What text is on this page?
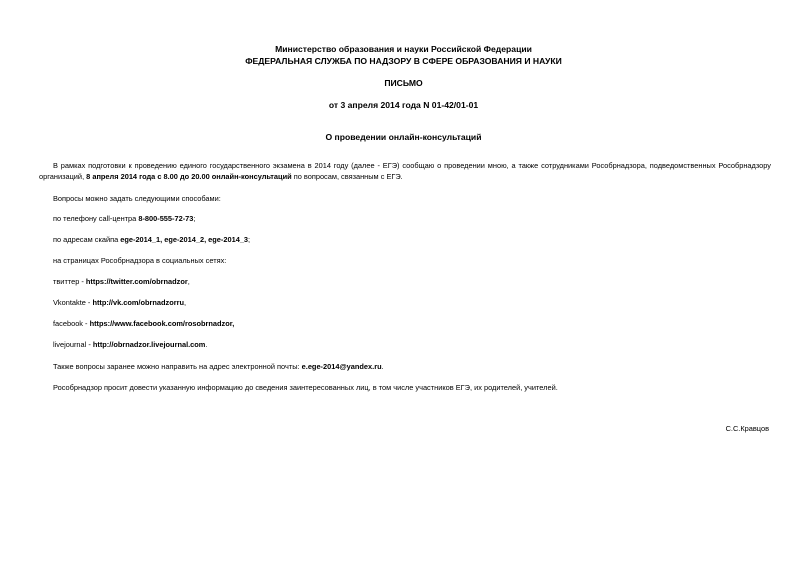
Министерство образования и науки Российской Федерации
ФЕДЕРАЛЬНАЯ СЛУЖБА ПО НАДЗОРУ В СФЕРЕ ОБРАЗОВАНИЯ И НАУКИ
ПИСЬМО
от 3 апреля 2014 года N 01-42/01-01
О проведении онлайн-консультаций
В рамках подготовки к проведению единого государственного экзамена в 2014 году (далее - ЕГЭ) сообщаю о проведении мною, а также сотрудниками Рособрнадзора, подведомственных Рособрнадзору организаций, 8 апреля 2014 года с 8.00 до 20.00 онлайн-консультаций по вопросам, связанным с ЕГЭ.
Вопросы можно задать следующими способами:
по телефону call-центра 8-800-555-72-73;
по адресам скайпа ege-2014_1, ege-2014_2, ege-2014_3;
на страницах Рособрнадзора в социальных сетях:
твиттер - https://twitter.com/obrnadzor,
Vkontakte - http://vk.com/obrnadzorru,
facebook - https://www.facebook.com/rosobrnadzor,
livejournal - http://obrnadzor.livejournal.com.
Также вопросы заранее можно направить на адрес электронной почты: e.ege-2014@yandex.ru.
Рособрнадзор просит довести указанную информацию до сведения заинтересованных лиц, в том числе участников ЕГЭ, их родителей, учителей.
С.С.Кравцов
